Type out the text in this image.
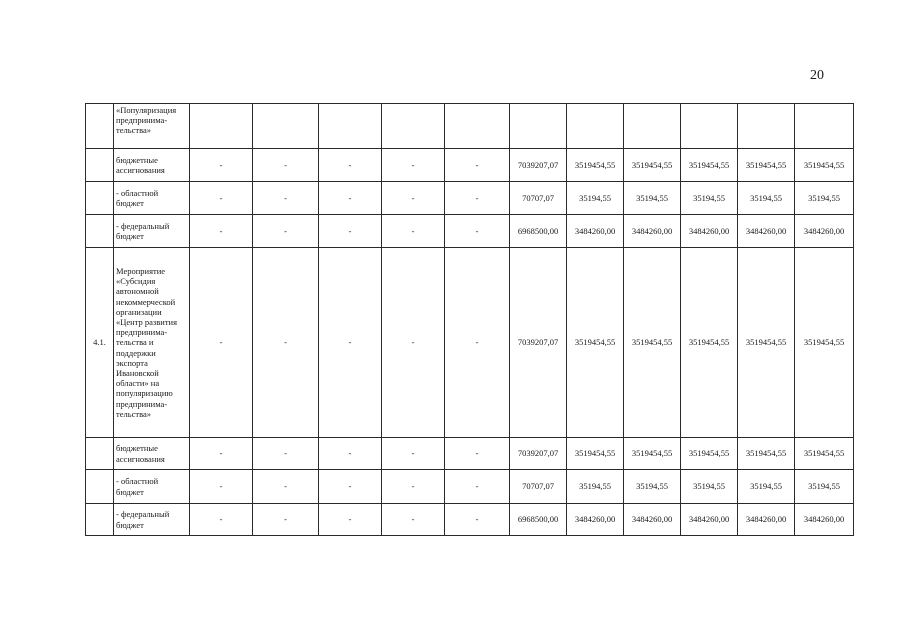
20
	«Популяризация предпринима-тельства»											
	бюджетные ассигнования	-	-	-	-	-	7039207,07	3519454,55	3519454,55	3519454,55	3519454,55	3519454,55
	- областной бюджет	-	-	-	-	-	70707,07	35194,55	35194,55	35194,55	35194,55	35194,55
	- федеральный бюджет	-	-	-	-	-	6968500,00	3484260,00	3484260,00	3484260,00	3484260,00	3484260,00
4.1.	Мероприятие «Субсидия автономной некоммерческой организации «Центр развития предпринима-тельства и поддержки экспорта Ивановской области» на популяризацию предпринима-тельства»	-	-	-	-	-	7039207,07	3519454,55	3519454,55	3519454,55	3519454,55	3519454,55
	бюджетные ассигнования	-	-	-	-	-	7039207,07	3519454,55	3519454,55	3519454,55	3519454,55	3519454,55
	- областной бюджет	-	-	-	-	-	70707,07	35194,55	35194,55	35194,55	35194,55	35194,55
	- федеральный бюджет	-	-	-	-	-	6968500,00	3484260,00	3484260,00	3484260,00	3484260,00	3484260,00
